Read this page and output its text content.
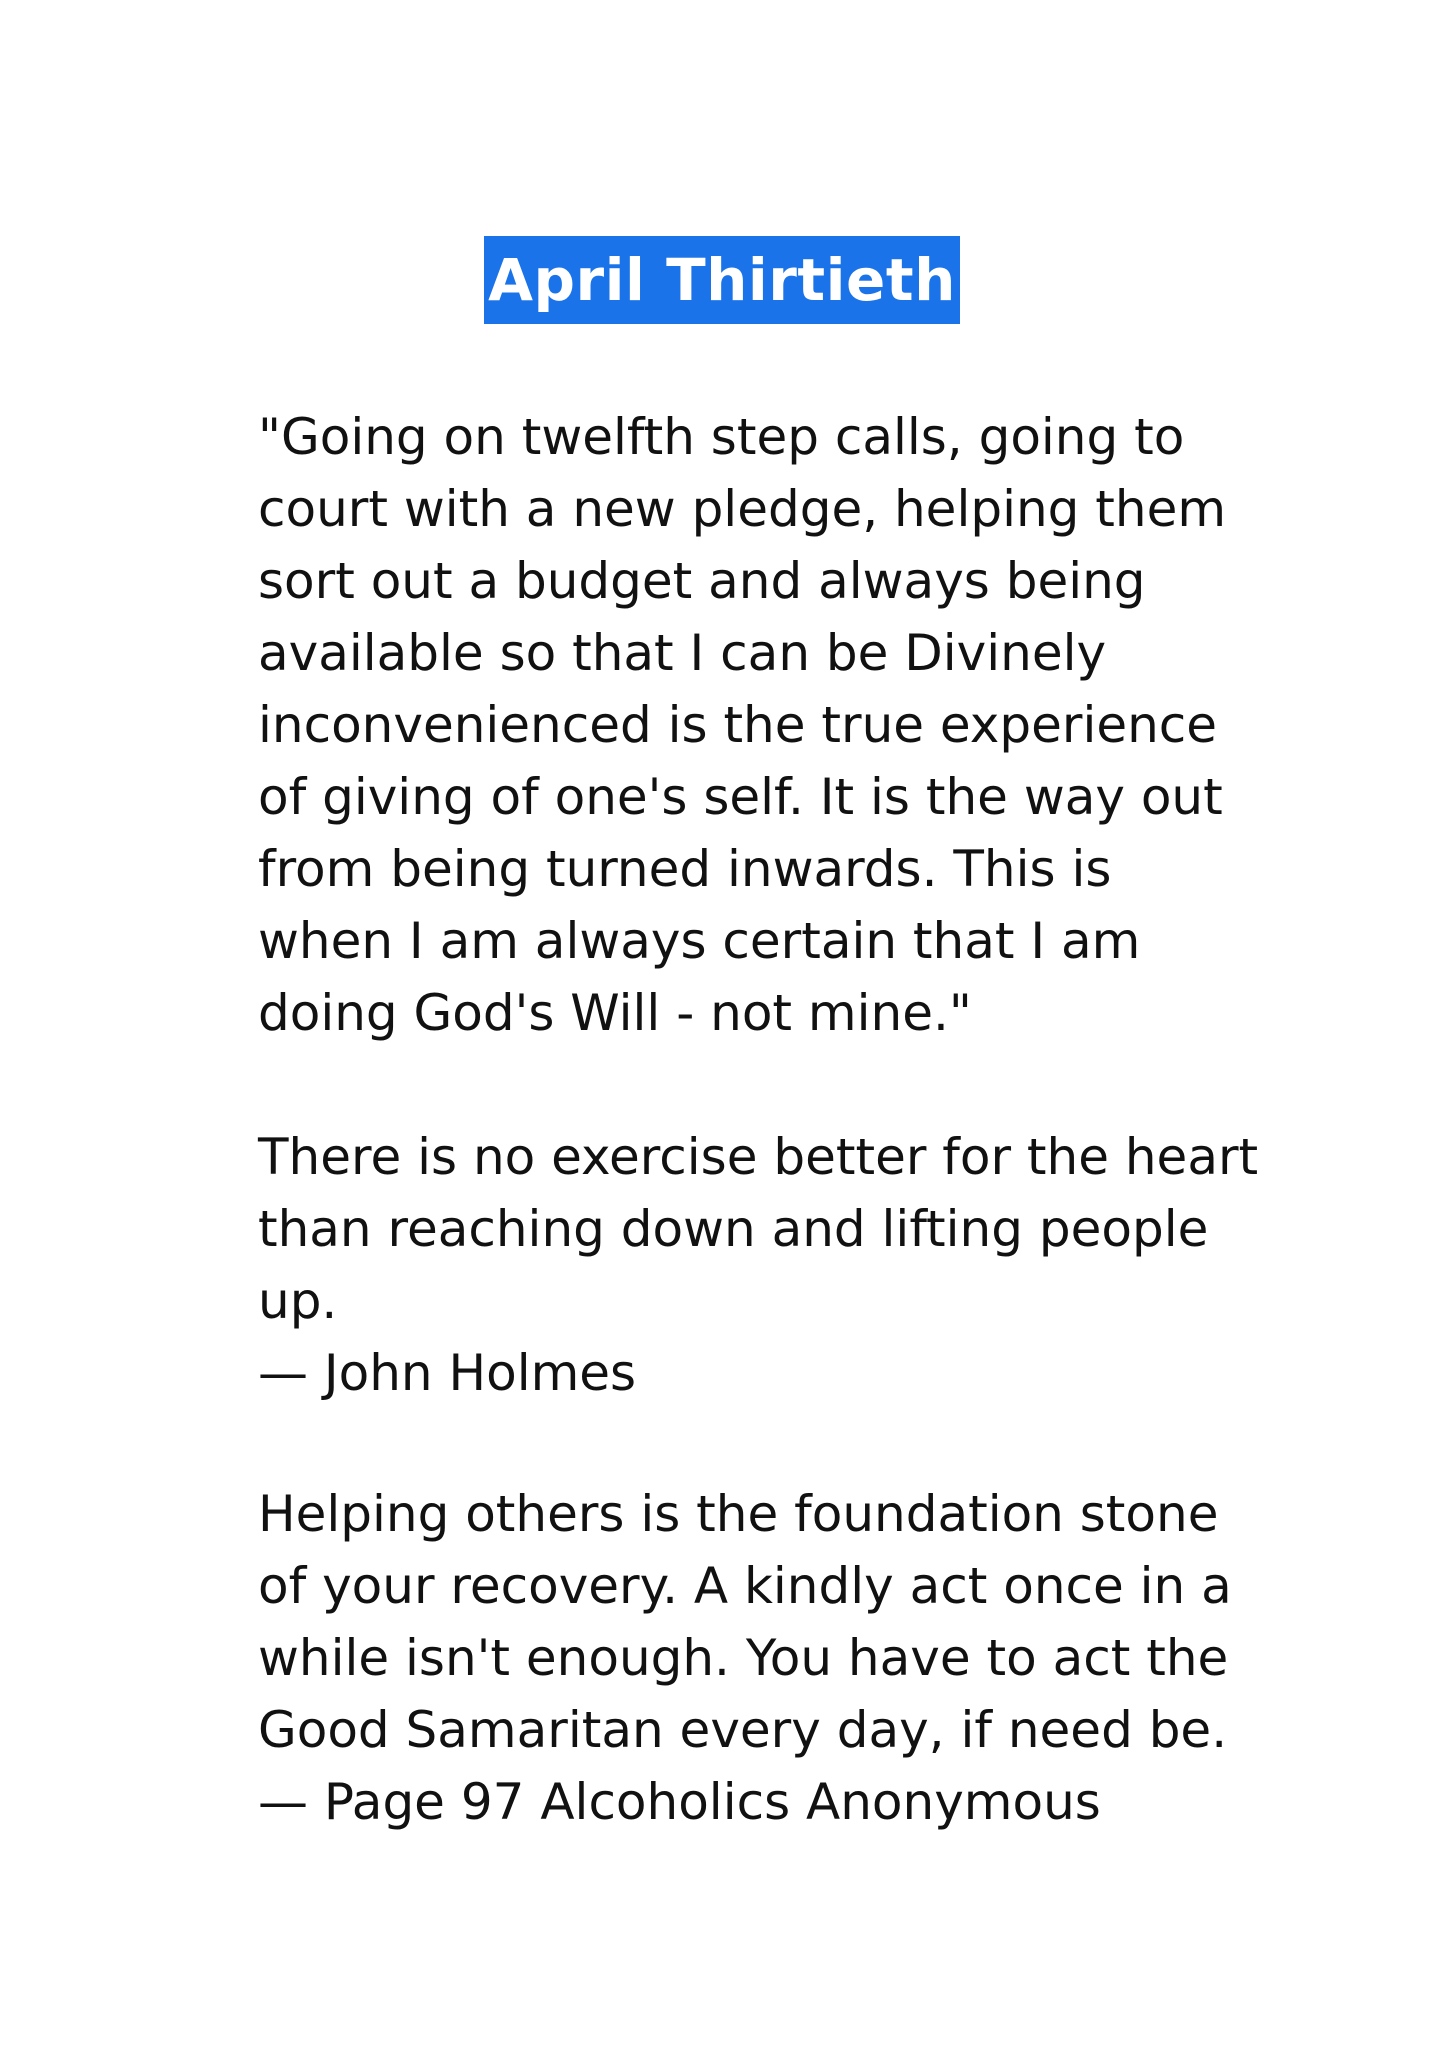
April Thirtieth
"Going on twelfth step calls, going to
court with a new pledge, helping them
sort out a budget and always being
available so that I can be Divinely
inconvenienced is the true experience
of giving of one's self. It is the way out
from being turned inwards. This is
when I am always certain that I am
doing God's Will - not mine."
There is no exercise better for the heart
than reaching down and lifting people
up.
— John Holmes
Helping others is the foundation stone
of your recovery. A kindly act once in a
while isn't enough. You have to act the
Good Samaritan every day, if need be.
— Page 97 Alcoholics Anonymous
